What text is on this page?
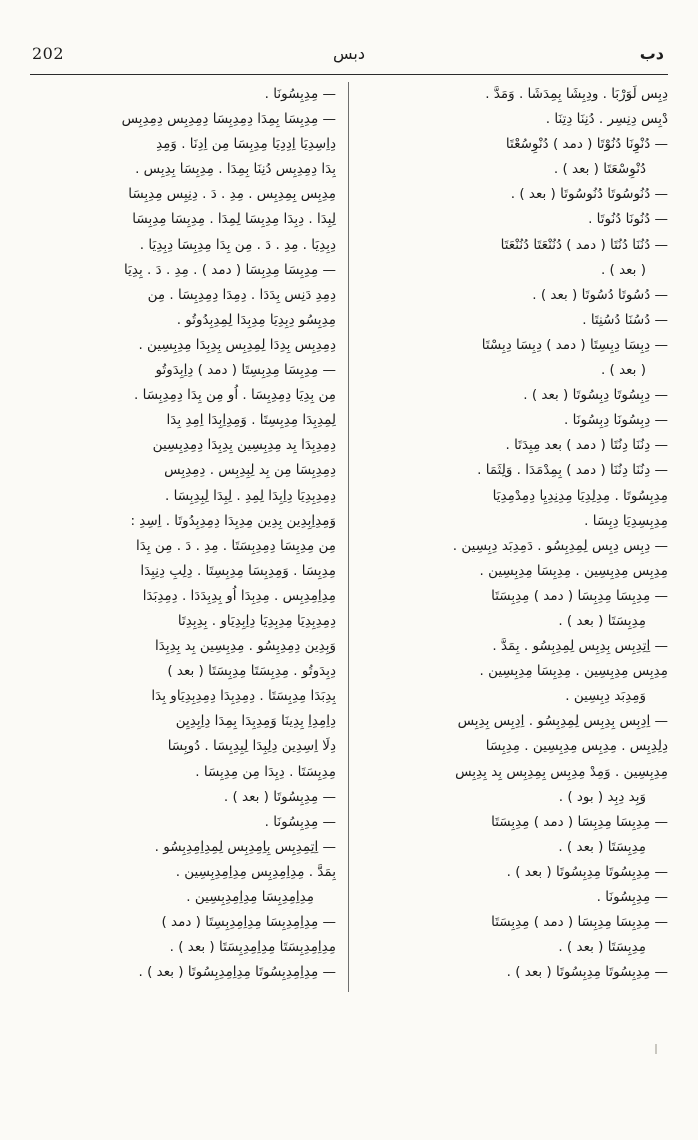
202	دبس	دب
دِبِس لَوَرْبَا . ودِبِشَا بِمِدَشَا . وَمَدَّ .
دْبِس دِنِسِر . دُنِنَا دِتِنَا .
— دُنْوِنَا دُنُوْتَا ( دمد ) دُنْوِسُعْتَا
دُنْوِسْعَتَا ( بعد ) .
— دُنُوسُوتَا دُنُوسُوتَا ( بعد ) .
— دُنُونَا دُنُوتَا .
— دُنُنَا دُنُتَا ( دمد ) دُنُنْعَتَا دُنُنْعَتَا
( بعد ) .
— دُسُوتَا دُسُوتَا ( بعد ) .
— دُسُنَا دُسُنِتَا .
— دِبِسَا دِبِسِتَا ( دمد ) دِبِسَا دِبِسْتَا
( بعد ) .
— دِبِسُوتَا دِبِسُوتَا ( بعد ) .
— دِبِسُونَا دِبِسُونَا .
— دِنُنَا دِنُتَا ( دمد ) بعد مِبِدَتَا .
— دِنُنَا دِنُنَا ( دمد ) بِمِدْمَدَا . وَلِثَمَا .
مِدِبِسُوتَا . مِدِلِدِيَا مِدِنِدِيِا دِمِدْمِدِيَا
مِدِبِسِدِيَا دِبِسَا .
— دِبِس دِبِس لِمِدِبِسُو . دَمِدِبَد دِبِسِين .
مِدِبِس مِدِبِسِين . مِدِبِسَا مِدِبِسِين .
— مِدِبِسَا مِدِبِسَا ( دمد ) مِدِبِسَتَا
مِدِبِسَتَا ( بعد ) .
— اِتِدِبِس بِدِبِس لِمِدِبِسُو . بِمَدَّ .
مِدِبِس مِدِبِسِين . مِدِبِسَا مِدِبِسِين .
وَمِدِبَد دِبِسِين .
— اِدِبِس بِدِبِس لِمِدِبِسُو . اِدِبِس بِدِبِس
دِلِدِبِس . مِدِبِس مِدِبِسِين . مِدِبِسَا
مِدِبِسِين . وَمِدْ مِدِبِس بِمِدِبِس بِد بِدِبِس
وَبِد دِبِد ( بود ) .
— مِدِبِسَا مِدِبِسَا ( دمد ) مِدِبِسَتَا
مِدِبِسَتَا ( بعد ) .
— مِدِبِسُوتَا مِدِبِسُوتَا ( بعد ) .
— مِدِبِسُونَا .
— مِدِبِسَا مِدِبِسَا ( دمد ) مِدِبِسَتَا
مِدِبِسَتَا ( بعد ) .
— مِدِبِسُوتَا مِدِبِسُوتَا ( بعد ) .
— مِدِبِسُونَا .
— مِدِبِسَا بِمِدَا دِمِدِبِسَا دِمِدِبِس دِمِدِبِس
دِاِسِدِيَا اِدِدِيَا مِدِبِسَا مِن اِدِنَا . وَمِدِ
بِدَا دِمِدِبِس دُنِنَا بِمِدَا . مِدِبِسَا بِدِبِس .
مِدِبِس بِمِدِبِس . مِدِ . دَ . دِنِبِس مِدِبِسَا
لِبِدَا . دِبِدَا مِدِبِسَا لِمِدَا . مِدِبِسَا مِدِبِسَا
دِبِدِيَا . مِدِ . دَ . مِن بِدَا مِدِبِسَا دِبِدِيَا .
— مِدِبِسَا مِدِبِسَا ( دمد ) . مِدِ . دَ . بِدِيَا
دِمِدِ دَنِس بِدَدَا . دِمِدَا دِمِدِبِسَا . مِن
مِدِبِسُو دِبِدِيَا مِدِبِدَا لِمِدِبِدُوتُو .
دِمِدِبِس بِدِدَا لِمِدِبِس بِدِبِدَا مِدِبِسِين .
— مِدِبِسَا مِدِبِسِتَا ( دمد ) دِاِبِدَوتُو
مِن بِدِيَا دِمِدِبِسَا . اُو مِن بِدَا دِمِدِبِسَا .
لِمِدِبِدَا مِدِبِسِتَا . وَمِدِاِبِدَا اِمِدِ بِدَا
دِمِدِبِدَا بِد مِدِبِسِين بِدِبِدَا دِمِدِبِسِين
دِمِدِبِسَا مِن بِد لِبِدِبِس . دِمِدِبِس
دِمِدِبِدِيَا دِاِبِدَا لِمِدِ . لِبِدَا لِبِدِبِسَا .
وَمِدِاِبِدِين بِدِين مِدِبِدَا دِمِدِبِدُوتَا . اِسِدِ :
مِن مِدِبِسَا دِمِدِبِسَتَا . مِدِ . دَ . مِن بِدَا
مِدِبِسَا . وَمِدِبِسَا مِدِبِسِتَا . دِلِبِ دِنِبِدَا
مِدِاِمِدِبِس . مِدِبِدَا اُو بِدِبِدَدَا . دِمِدِبَدَا
دِمِدِبِدِيَا مِدِبِدِيَا دِاِبِدِيَاو . بِدِبِدِتَا
وَبِدِين دِمِدِبِسُو . مِدِبِسِين بِد بِدِبِدَا
دِبِدَوتُو . مِدِبِسَتَا مِدِبِسَتَا ( بعد )
بِدِبَدَا مِدِبِسَتَا . دِمِدِبِدَا دِمِدِبِدِيَاو بِدَا
دِاِمِدِاِ بِدِينَا وَمِدِبِدَا بِمِدَا دِاِبِدِيِن
دِلَا اِسِدِين دِلِبِدَا لِبِدِبِسَا . دُوبِسَا
مِدِبِسَتَا . دِبِدَا مِن مِدِبِسَا .
— مِدِبِسُوتَا ( بعد ) .
— مِدِبِسُونَا .
— اِتِمِدِبِس بِاِمِدِبِس لِمِدِاِمِدِبِسُو .
بِمَدَّ . مِدِاِمِدِبِس مِدِاِمِدِبِسِين .
مِدِاِمِدِبِسَا مِدِاِمِدِبِسِين .
— مِدِاِمِدِبِسَا مِدِاِمِدِبِسِتَا ( دمد )
مِدِاِمِدِبِسَتَا مِدِاِمِدِبِسَتَا ( بعد ) .
— مِدِاِمِدِبِسُوتَا مِدِاِمِدِبِسُوتَا ( بعد ) .
